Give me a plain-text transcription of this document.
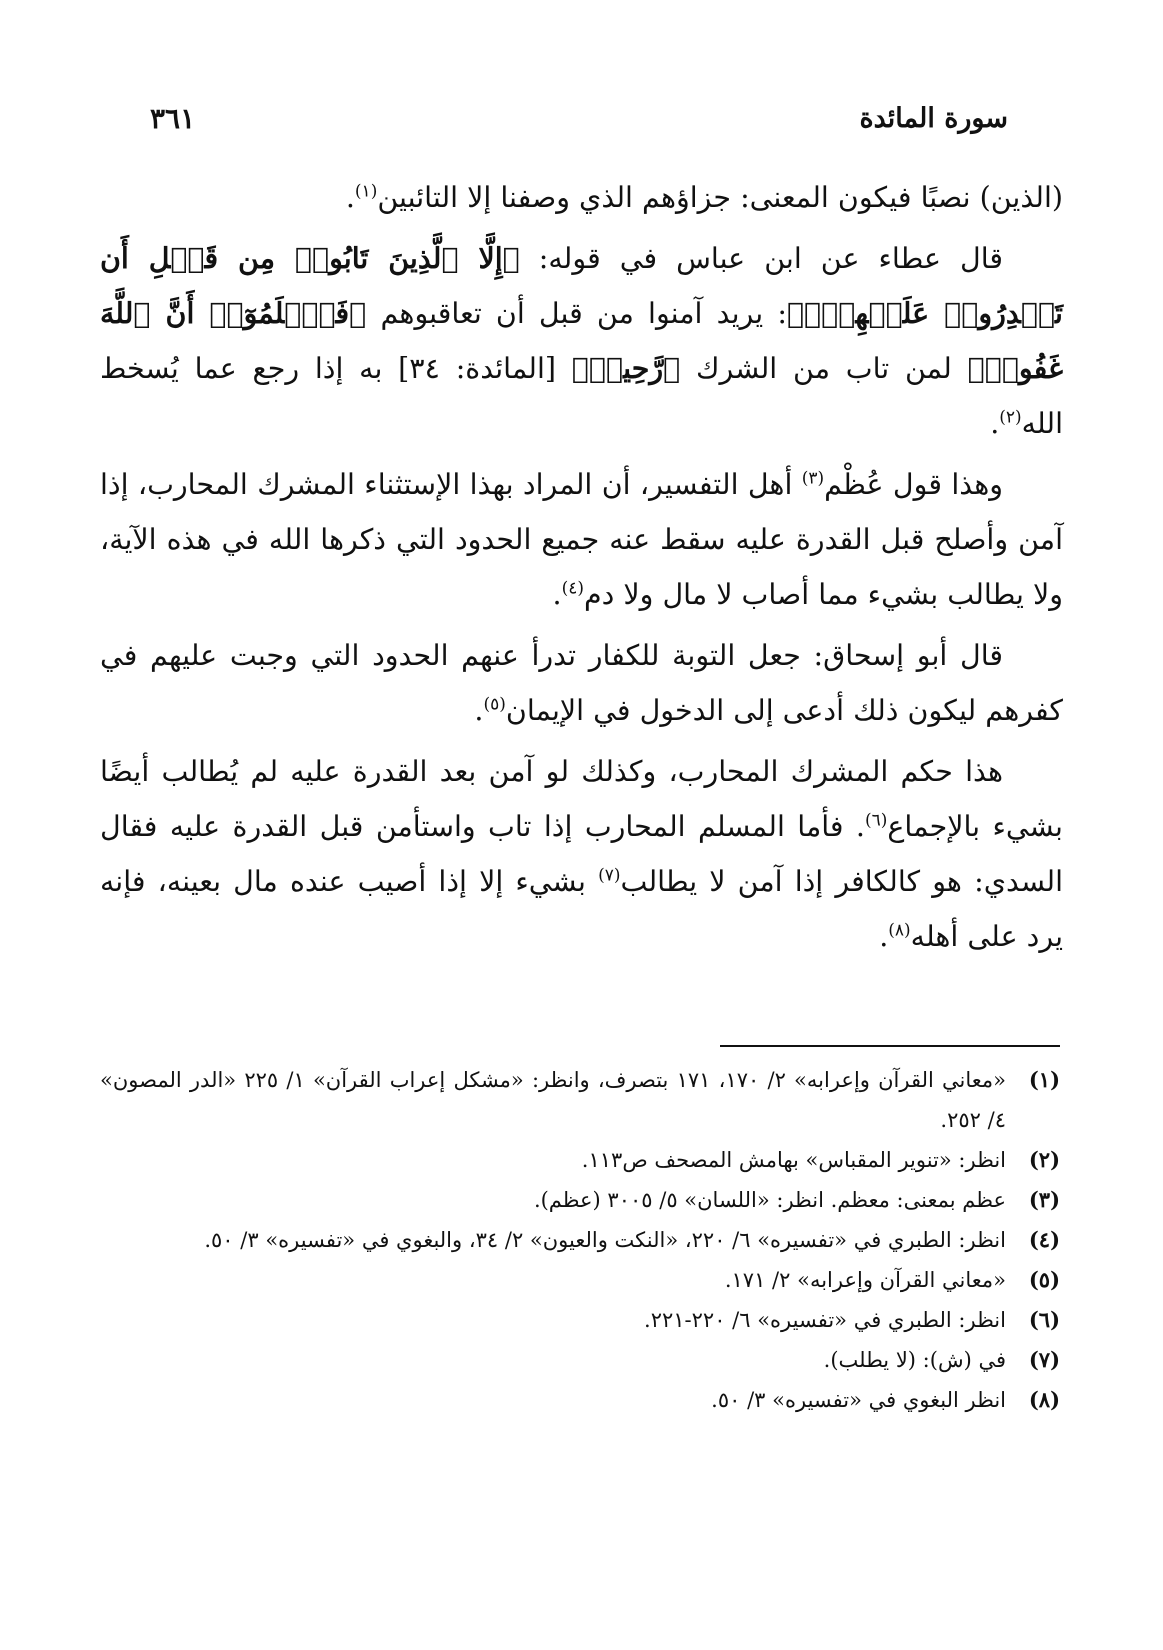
سورة المائدة
٣٦١

(الذين) نصبًا فيكون المعنى: جزاؤهم الذي وصفنا إلا التائبين$^{(١)}$.

قال عطاء عن ابن عباس في قوله: ﴿إِلَّا ٱلَّذِينَ تَابُوا۟ مِن قَبۡلِ أَن تَقۡدِرُوا۟ عَلَيۡهِمۡۖ﴾: يريد آمنوا من قبل أن تعاقبوهم ﴿فَٱعۡلَمُوٓا۟ أَنَّ ٱللَّهَ غَفُورٞ﴾ لمن تاب من الشرك ﴿رَّحِيمٞ﴾ [المائدة: ٣٤] به إذا رجع عما يُسخط الله$^{(٢)}$.

وهذا قول عُظْم$^{(٣)}$ أهل التفسير، أن المراد بهذا الإستثناء المشرك المحارب، إذا آمن وأصلح قبل القدرة عليه سقط عنه جميع الحدود التي ذكرها الله في هذه الآية، ولا يطالب بشيء مما أصاب لا مال ولا دم$^{(٤)}$.

قال أبو إسحاق: جعل التوبة للكفار تدرأ عنهم الحدود التي وجبت عليهم في كفرهم ليكون ذلك أدعى إلى الدخول في الإيمان$^{(٥)}$.

هذا حكم المشرك المحارب، وكذلك لو آمن بعد القدرة عليه لم يُطالب أيضًا بشيء بالإجماع$^{(٦)}$. فأما المسلم المحارب إذا تاب واستأمن قبل القدرة عليه فقال السدي: هو كالكافر إذا آمن لا يطالب$^{(٧)}$ بشيء إلا إذا أصيب عنده مال بعينه، فإنه يرد على أهله$^{(٨)}$.

(١)
«معاني القرآن وإعرابه» ٢/ ١٧٠، ١٧١ بتصرف، وانظر: «مشكل إعراب القرآن» ١/ ٢٢٥ «الدر المصون» ٤/ ٢٥٢.
(٢)
انظر: «تنوير المقباس» بهامش المصحف ص١١٣.
(٣)
عظم بمعنى: معظم. انظر: «اللسان» ٥/ ٣٠٠٥ (عظم).
(٤)
انظر: الطبري في «تفسيره» ٦/ ٢٢٠، «النكت والعيون» ٢/ ٣٤، والبغوي في «تفسيره» ٣/ ٥٠.
(٥)
«معاني القرآن وإعرابه» ٢/ ١٧١.
(٦)
انظر: الطبري في «تفسيره» ٦/ ٢٢٠-٢٢١.
(٧)
في (ش): (لا يطلب).
(٨)
انظر البغوي في «تفسيره» ٣/ ٥٠.
